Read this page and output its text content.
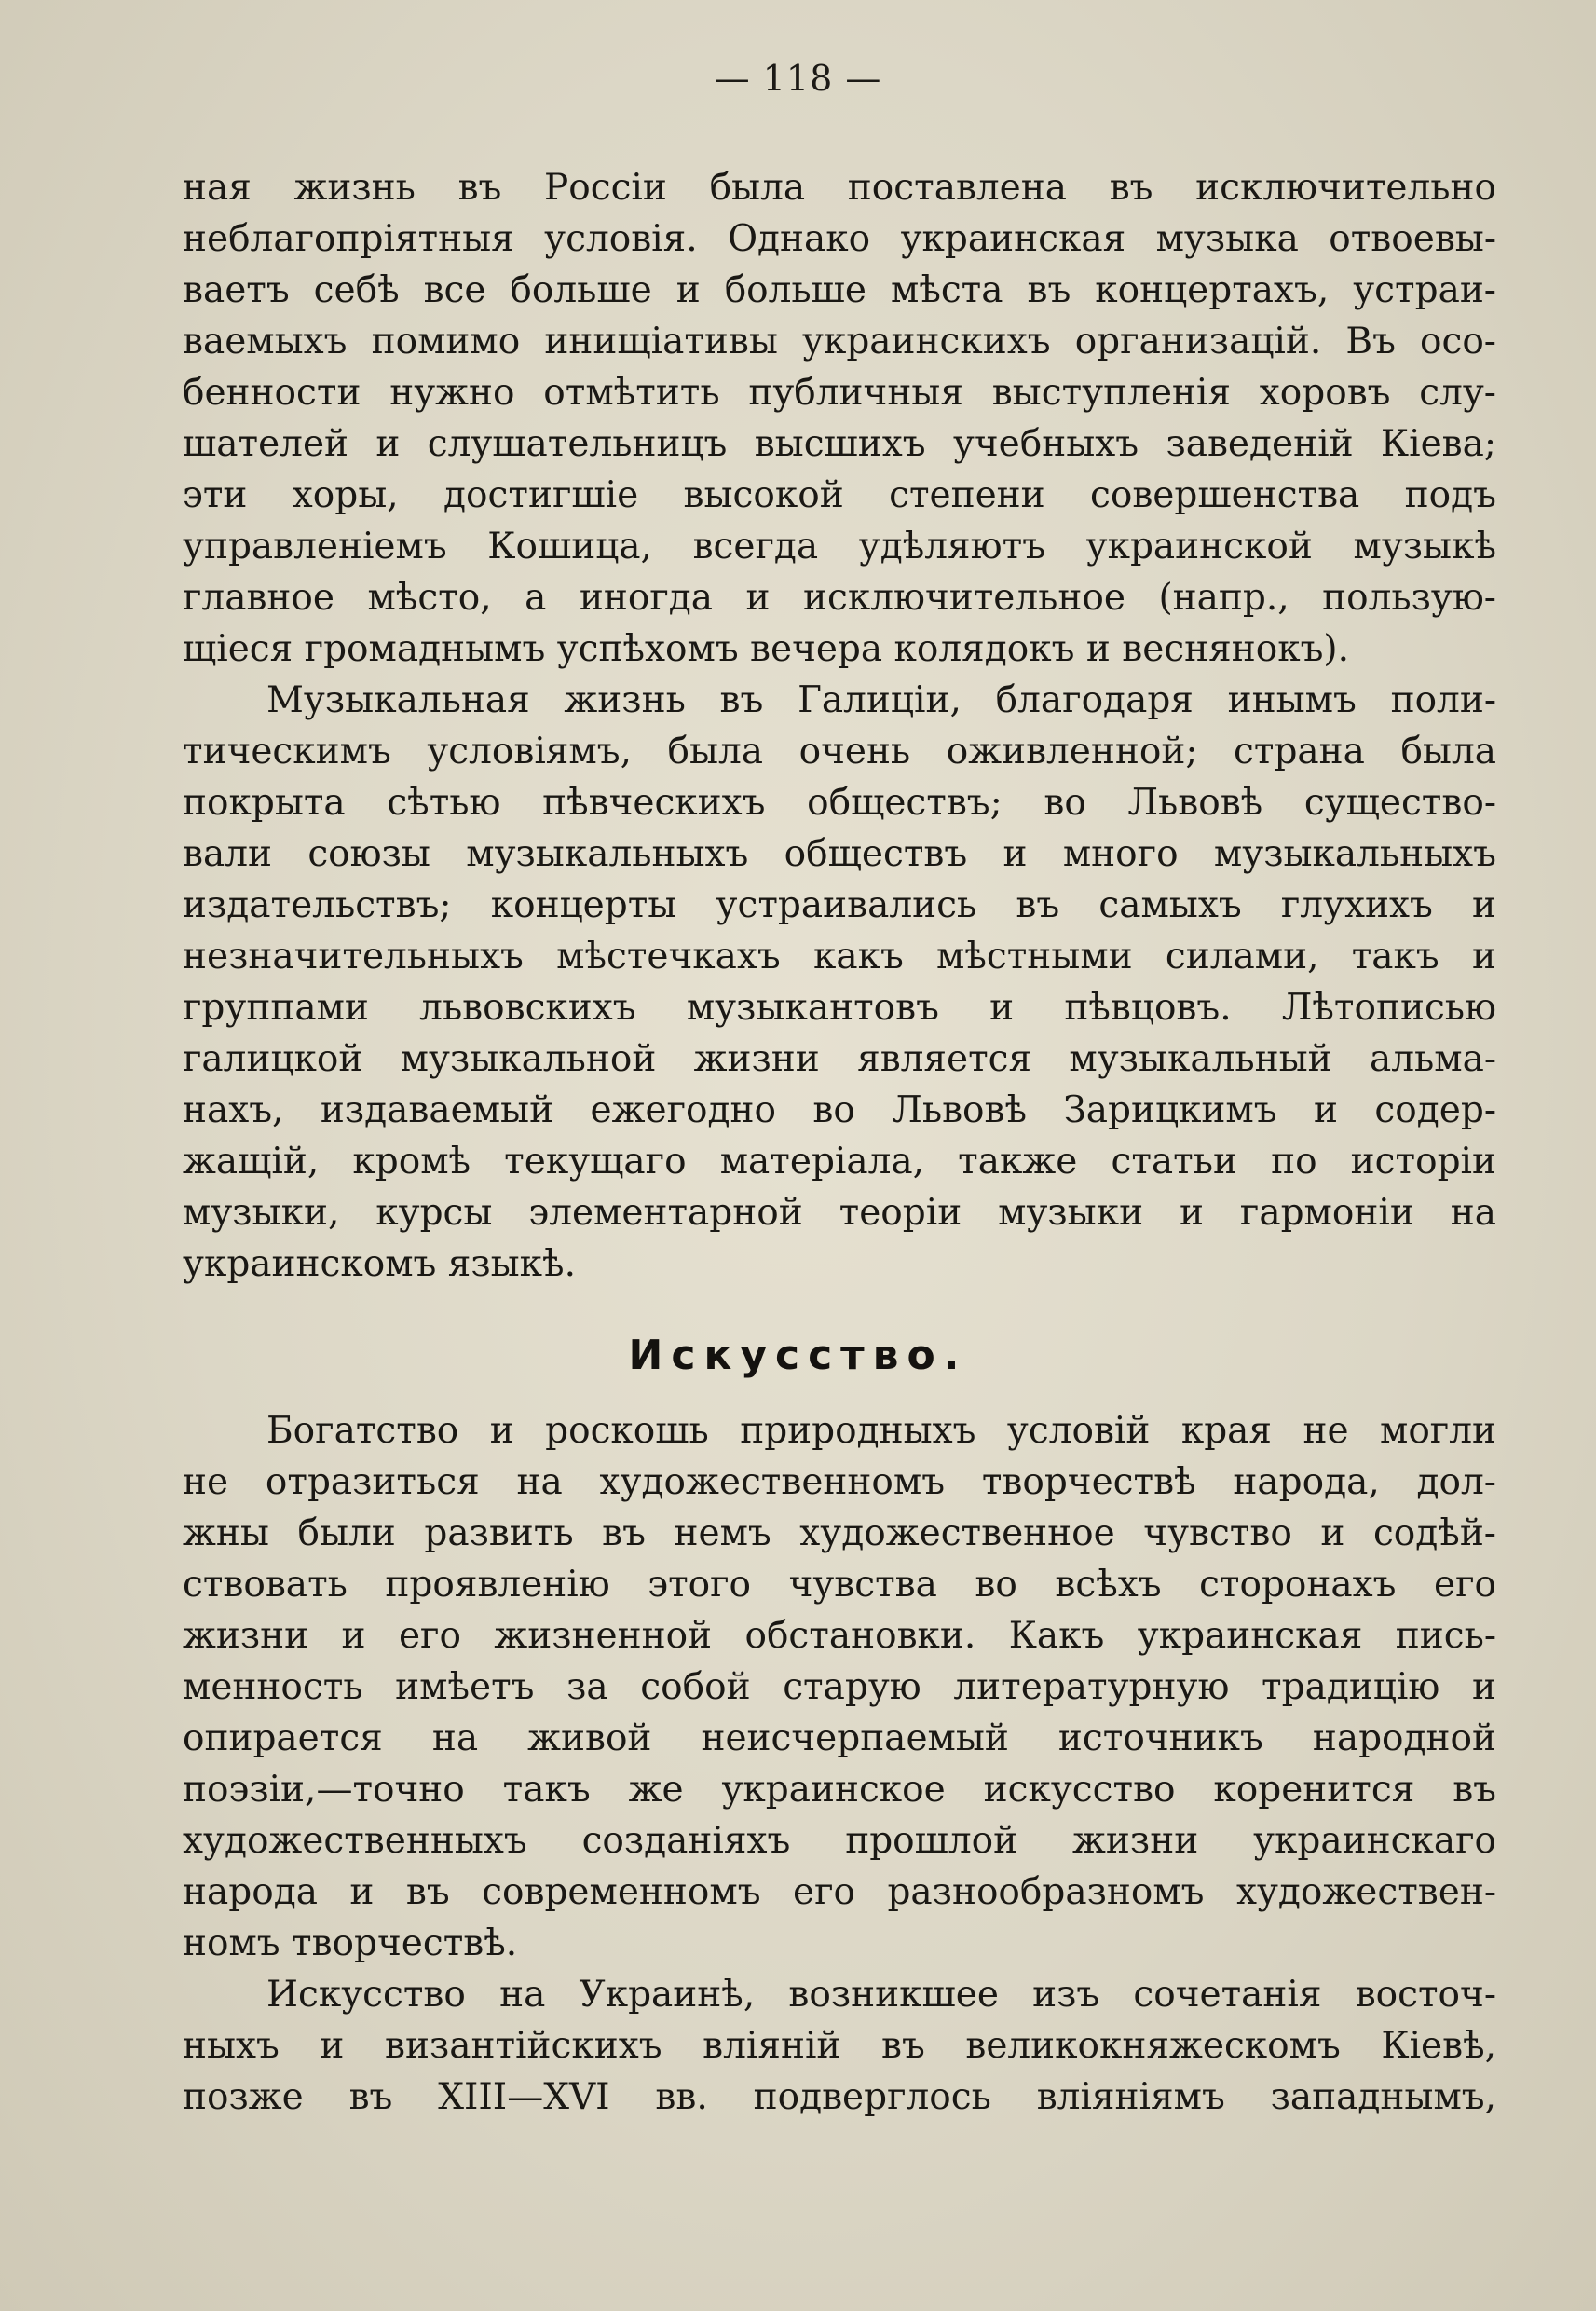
— 118 —
ная жизнь въ Россіи была поставлена въ исключительно
неблагопріятныя условія. Однако украинская музыка отвоевы-
ваетъ себѣ все больше и больше мѣста въ концертахъ, устраи-
ваемыхъ помимо инищіативы украинскихъ организацій. Въ осо-
бенности нужно отмѣтить публичныя выступленія хоровъ слу-
шателей и слушательницъ высшихъ учебныхъ заведеній Кіева;
эти хоры, достигшіе высокой степени совершенства подъ
управленіемъ Кошица, всегда удѣляютъ украинской музыкѣ
главное мѣсто, а иногда и исключительное (напр., пользую-
щіеся громаднымъ успѣхомъ вечера колядокъ и веснянокъ).
Музыкальная жизнь въ Галиціи, благодаря инымъ поли-
тическимъ условіямъ, была очень оживленной; страна была
покрыта сѣтью пѣвческихъ обществъ; во Львовѣ существо-
вали союзы музыкальныхъ обществъ и много музыкальныхъ
издательствъ; концерты устраивались въ самыхъ глухихъ и
незначительныхъ мѣстечкахъ какъ мѣстными силами, такъ и
группами львовскихъ музыкантовъ и пѣвцовъ. Лѣтописью
галицкой музыкальной жизни является музыкальный альма-
нахъ, издаваемый ежегодно во Львовѣ Зарицкимъ и содер-
жащій, кромѣ текущаго матеріала, также статьи по исторіи
музыки, курсы элементарной теоріи музыки и гармоніи на
украинскомъ языкѣ.
Искусство.
Богатство и роскошь природныхъ условій края не могли
не отразиться на художественномъ творчествѣ народа, дол-
жны были развить въ немъ художественное чувство и содѣй-
ствовать проявленію этого чувства во всѣхъ сторонахъ его
жизни и его жизненной обстановки. Какъ украинская пись-
менность имѣетъ за собой старую литературную традицію и
опирается на живой неисчерпаемый источникъ народной
поэзіи,—точно такъ же украинское искусство коренится въ
художественныхъ созданіяхъ прошлой жизни украинскаго
народа и въ современномъ его разнообразномъ художествен-
номъ творчествѣ.
Искусство на Украинѣ, возникшее изъ сочетанія восточ-
ныхъ и византійскихъ вліяній въ великокняжескомъ Кіевѣ,
позже въ XIII—XVI вв. подверглось вліяніямъ западнымъ,
